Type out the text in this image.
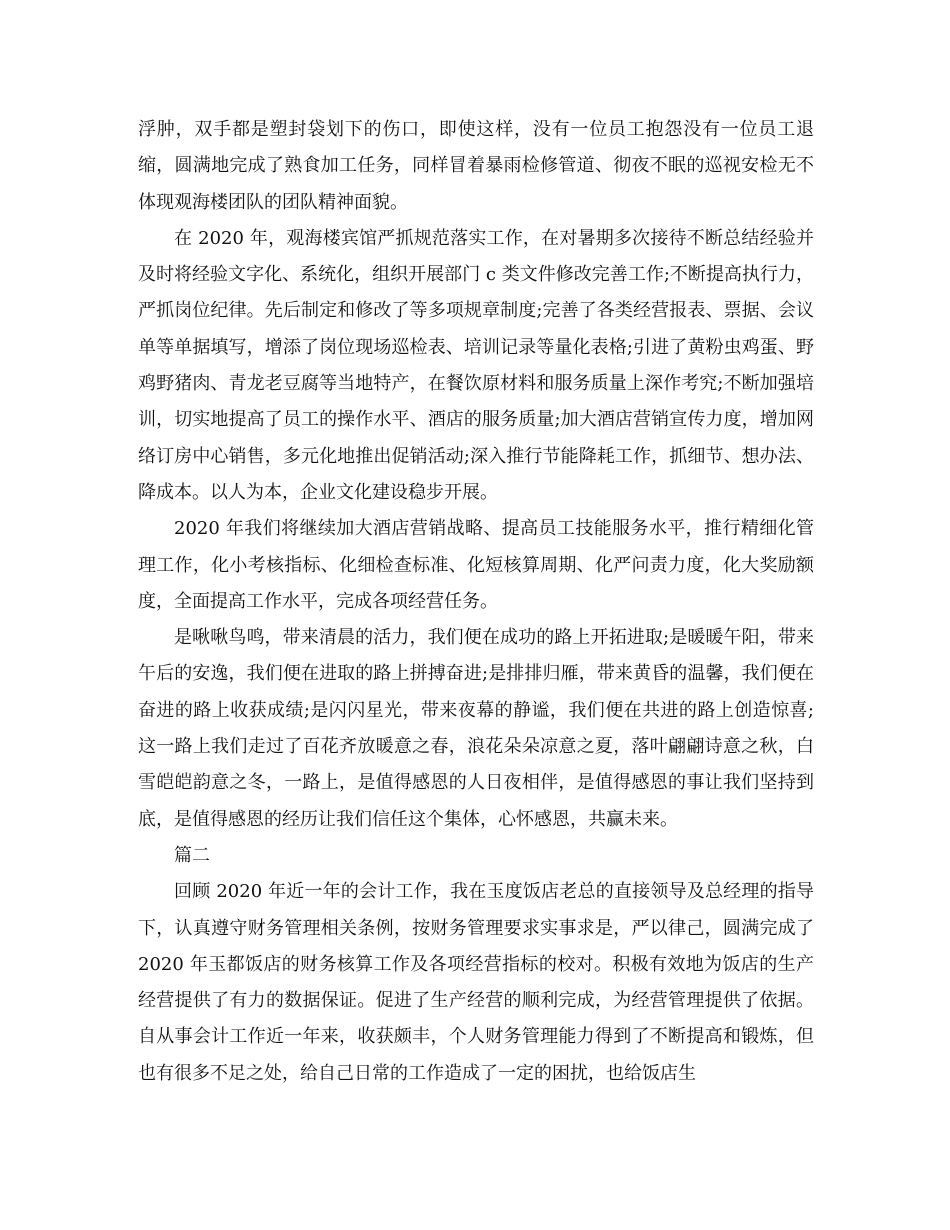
浮肿，双手都是塑封袋划下的伤口，即使这样，没有一位员工抱怨没有一位员工退缩，圆满地完成了熟食加工任务，同样冒着暴雨检修管道、彻夜不眠的巡视安检无不体现观海楼团队的团队精神面貌。

在 2020 年，观海楼宾馆严抓规范落实工作，在对暑期多次接待不断总结经验并及时将经验文字化、系统化，组织开展部门 c 类文件修改完善工作;不断提高执行力，严抓岗位纪律。先后制定和修改了等多项规章制度;完善了各类经营报表、票据、会议单等单据填写，增添了岗位现场巡检表、培训记录等量化表格;引进了黄粉虫鸡蛋、野鸡野猪肉、青龙老豆腐等当地特产，在餐饮原材料和服务质量上深作考究;不断加强培训，切实地提高了员工的操作水平、酒店的服务质量;加大酒店营销宣传力度，增加网络订房中心销售，多元化地推出促销活动;深入推行节能降耗工作，抓细节、想办法、降成本。以人为本，企业文化建设稳步开展。

2020 年我们将继续加大酒店营销战略、提高员工技能服务水平，推行精细化管理工作，化小考核指标、化细检查标准、化短核算周期、化严问责力度，化大奖励额度，全面提高工作水平，完成各项经营任务。

是啾啾鸟鸣，带来清晨的活力，我们便在成功的路上开拓进取;是暖暖午阳，带来午后的安逸，我们便在进取的路上拼搏奋进;是排排归雁，带来黄昏的温馨，我们便在奋进的路上收获成绩;是闪闪星光，带来夜幕的静谧，我们便在共进的路上创造惊喜;这一路上我们走过了百花齐放暖意之春，浪花朵朵凉意之夏，落叶翩翩诗意之秋，白雪皑皑韵意之冬，一路上，是值得感恩的人日夜相伴，是值得感恩的事让我们坚持到底，是值得感恩的经历让我们信任这个集体，心怀感恩，共赢未来。

篇二

回顾 2020 年近一年的会计工作，我在玉度饭店老总的直接领导及总经理的指导下，认真遵守财务管理相关条例，按财务管理要求实事求是，严以律己，圆满完成了 2020 年玉都饭店的财务核算工作及各项经营指标的校对。积极有效地为饭店的生产经营提供了有力的数据保证。促进了生产经营的顺利完成，为经营管理提供了依据。自从事会计工作近一年来，收获颇丰，个人财务管理能力得到了不断提高和锻炼，但也有很多不足之处，给自己日常的工作造成了一定的困扰，也给饭店生
